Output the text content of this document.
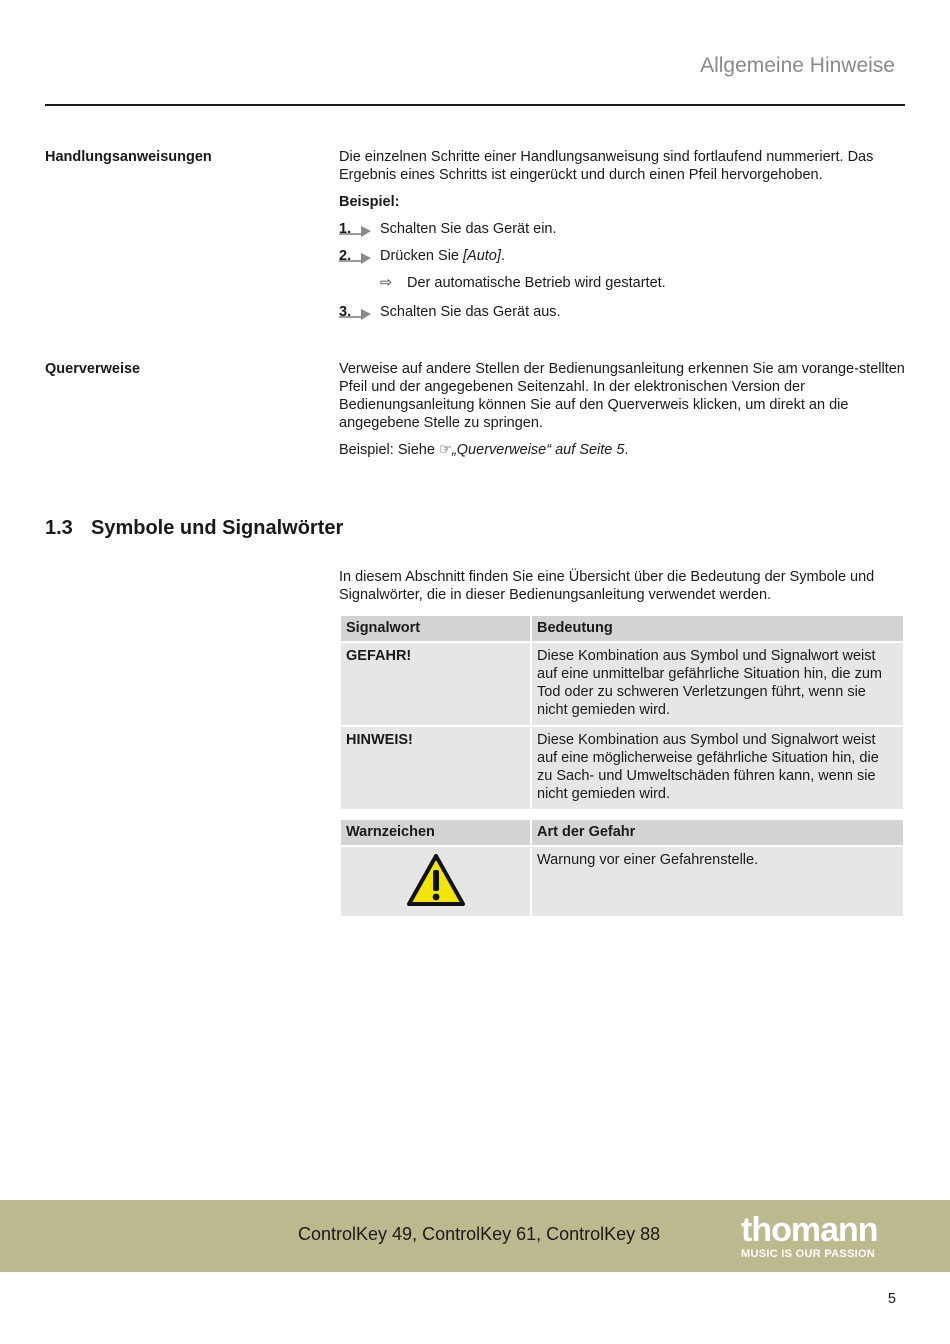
Allgemeine Hinweise
Handlungsanweisungen	Die einzelnen Schritte einer Handlungsanweisung sind fortlaufend nummeriert. Das Ergebnis eines Schritts ist eingerückt und durch einen Pfeil hervorgehoben.

Beispiel:

1.	Schalten Sie das Gerät ein.
2.	Drücken Sie [Auto].
⇨ Der automatische Betrieb wird gestartet.
3.	Schalten Sie das Gerät aus.
Querverweise	Verweise auf andere Stellen der Bedienungsanleitung erkennen Sie am vorange-stellten Pfeil und der angegebenen Seitenzahl. In der elektronischen Version der Bedienungsanleitung können Sie auf den Querverweis klicken, um direkt an die angegebene Stelle zu springen.

Beispiel: Siehe ☞„Querverweise“ auf Seite 5.

1.3 Symbole und Signalwörter

In diesem Abschnitt finden Sie eine Übersicht über die Bedeutung der Symbole und Signalwörter, die in dieser Bedienungsanleitung verwendet werden.

Signalwort	Bedeutung
GEFAHR!	Diese Kombination aus Symbol und Signalwort weist auf eine unmittelbar gefährliche Situation hin, die zum Tod oder zu schweren Verletzungen führt, wenn sie nicht gemieden wird.
HINWEIS!	Diese Kombination aus Symbol und Signalwort weist auf eine möglicherweise gefährliche Situation hin, die zu Sach- und Umweltschäden führen kann, wenn sie nicht gemieden wird.
Warnzeichen	Art der Gefahr
	Warnung vor einer Gefahrenstelle.
ControlKey 49, ControlKey 61, ControlKey 88 thomann
MUSIC IS OUR PASSION
5
